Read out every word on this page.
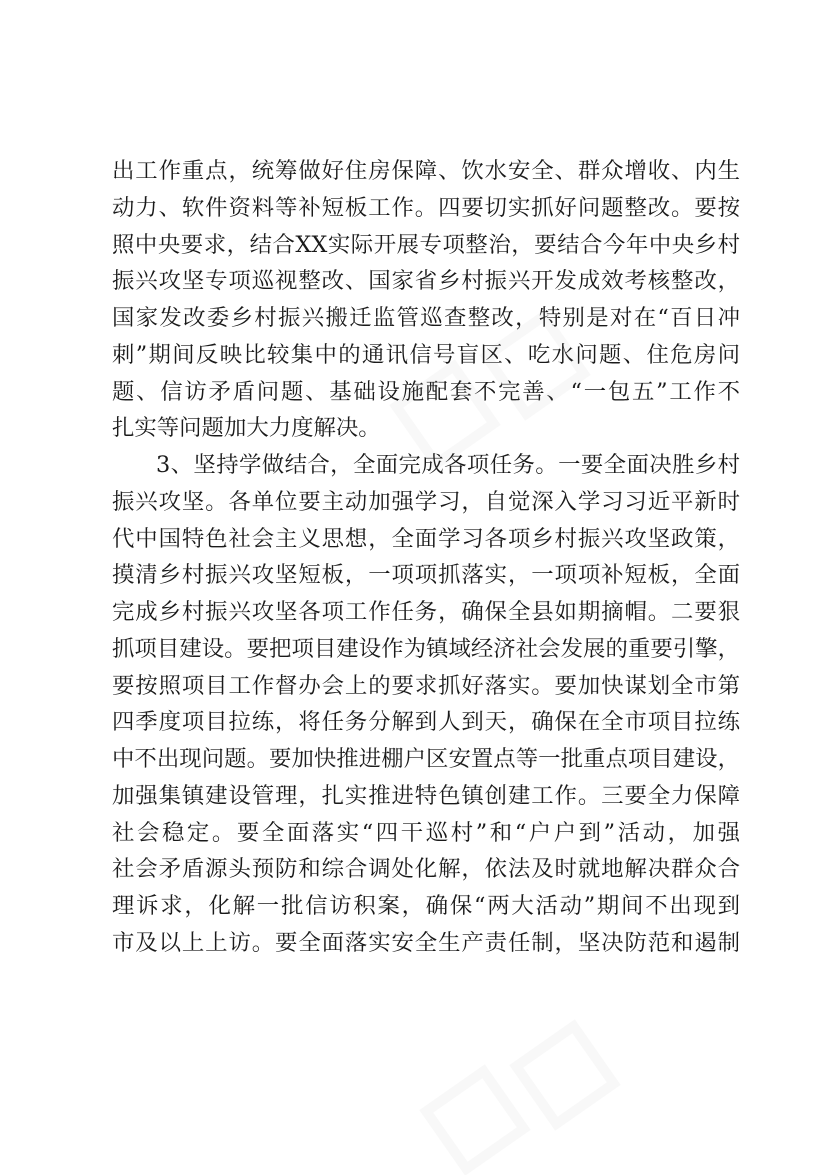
出工作重点，统筹做好住房保障、饮水安全、群众增收、内生
动力、软件资料等补短板工作。四要切实抓好问题整改。要按
照中央要求，结合XX实际开展专项整治，要结合今年中央乡村
振兴攻坚专项巡视整改、国家省乡村振兴开发成效考核整改，
国家发改委乡村振兴搬迁监管巡查整改，特别是对在“百日冲
刺”期间反映比较集中的通讯信号盲区、吃水问题、住危房问
题、信访矛盾问题、基础设施配套不完善、“一包五”工作不
扎实等问题加大力度解决。
3、坚持学做结合，全面完成各项任务。一要全面决胜乡村
振兴攻坚。各单位要主动加强学习，自觉深入学习习近平新时
代中国特色社会主义思想，全面学习各项乡村振兴攻坚政策，
摸清乡村振兴攻坚短板，一项项抓落实，一项项补短板，全面
完成乡村振兴攻坚各项工作任务，确保全县如期摘帽。二要狠
抓项目建设。要把项目建设作为镇域经济社会发展的重要引擎，
要按照项目工作督办会上的要求抓好落实。要加快谋划全市第
四季度项目拉练，将任务分解到人到天，确保在全市项目拉练
中不出现问题。要加快推进棚户区安置点等一批重点项目建设，
加强集镇建设管理，扎实推进特色镇创建工作。三要全力保障
社会稳定。要全面落实“四干巡村”和“户户到”活动，加强
社会矛盾源头预防和综合调处化解，依法及时就地解决群众合
理诉求，化解一批信访积案，确保“两大活动”期间不出现到
市及以上上访。要全面落实安全生产责任制，坚决防范和遏制
